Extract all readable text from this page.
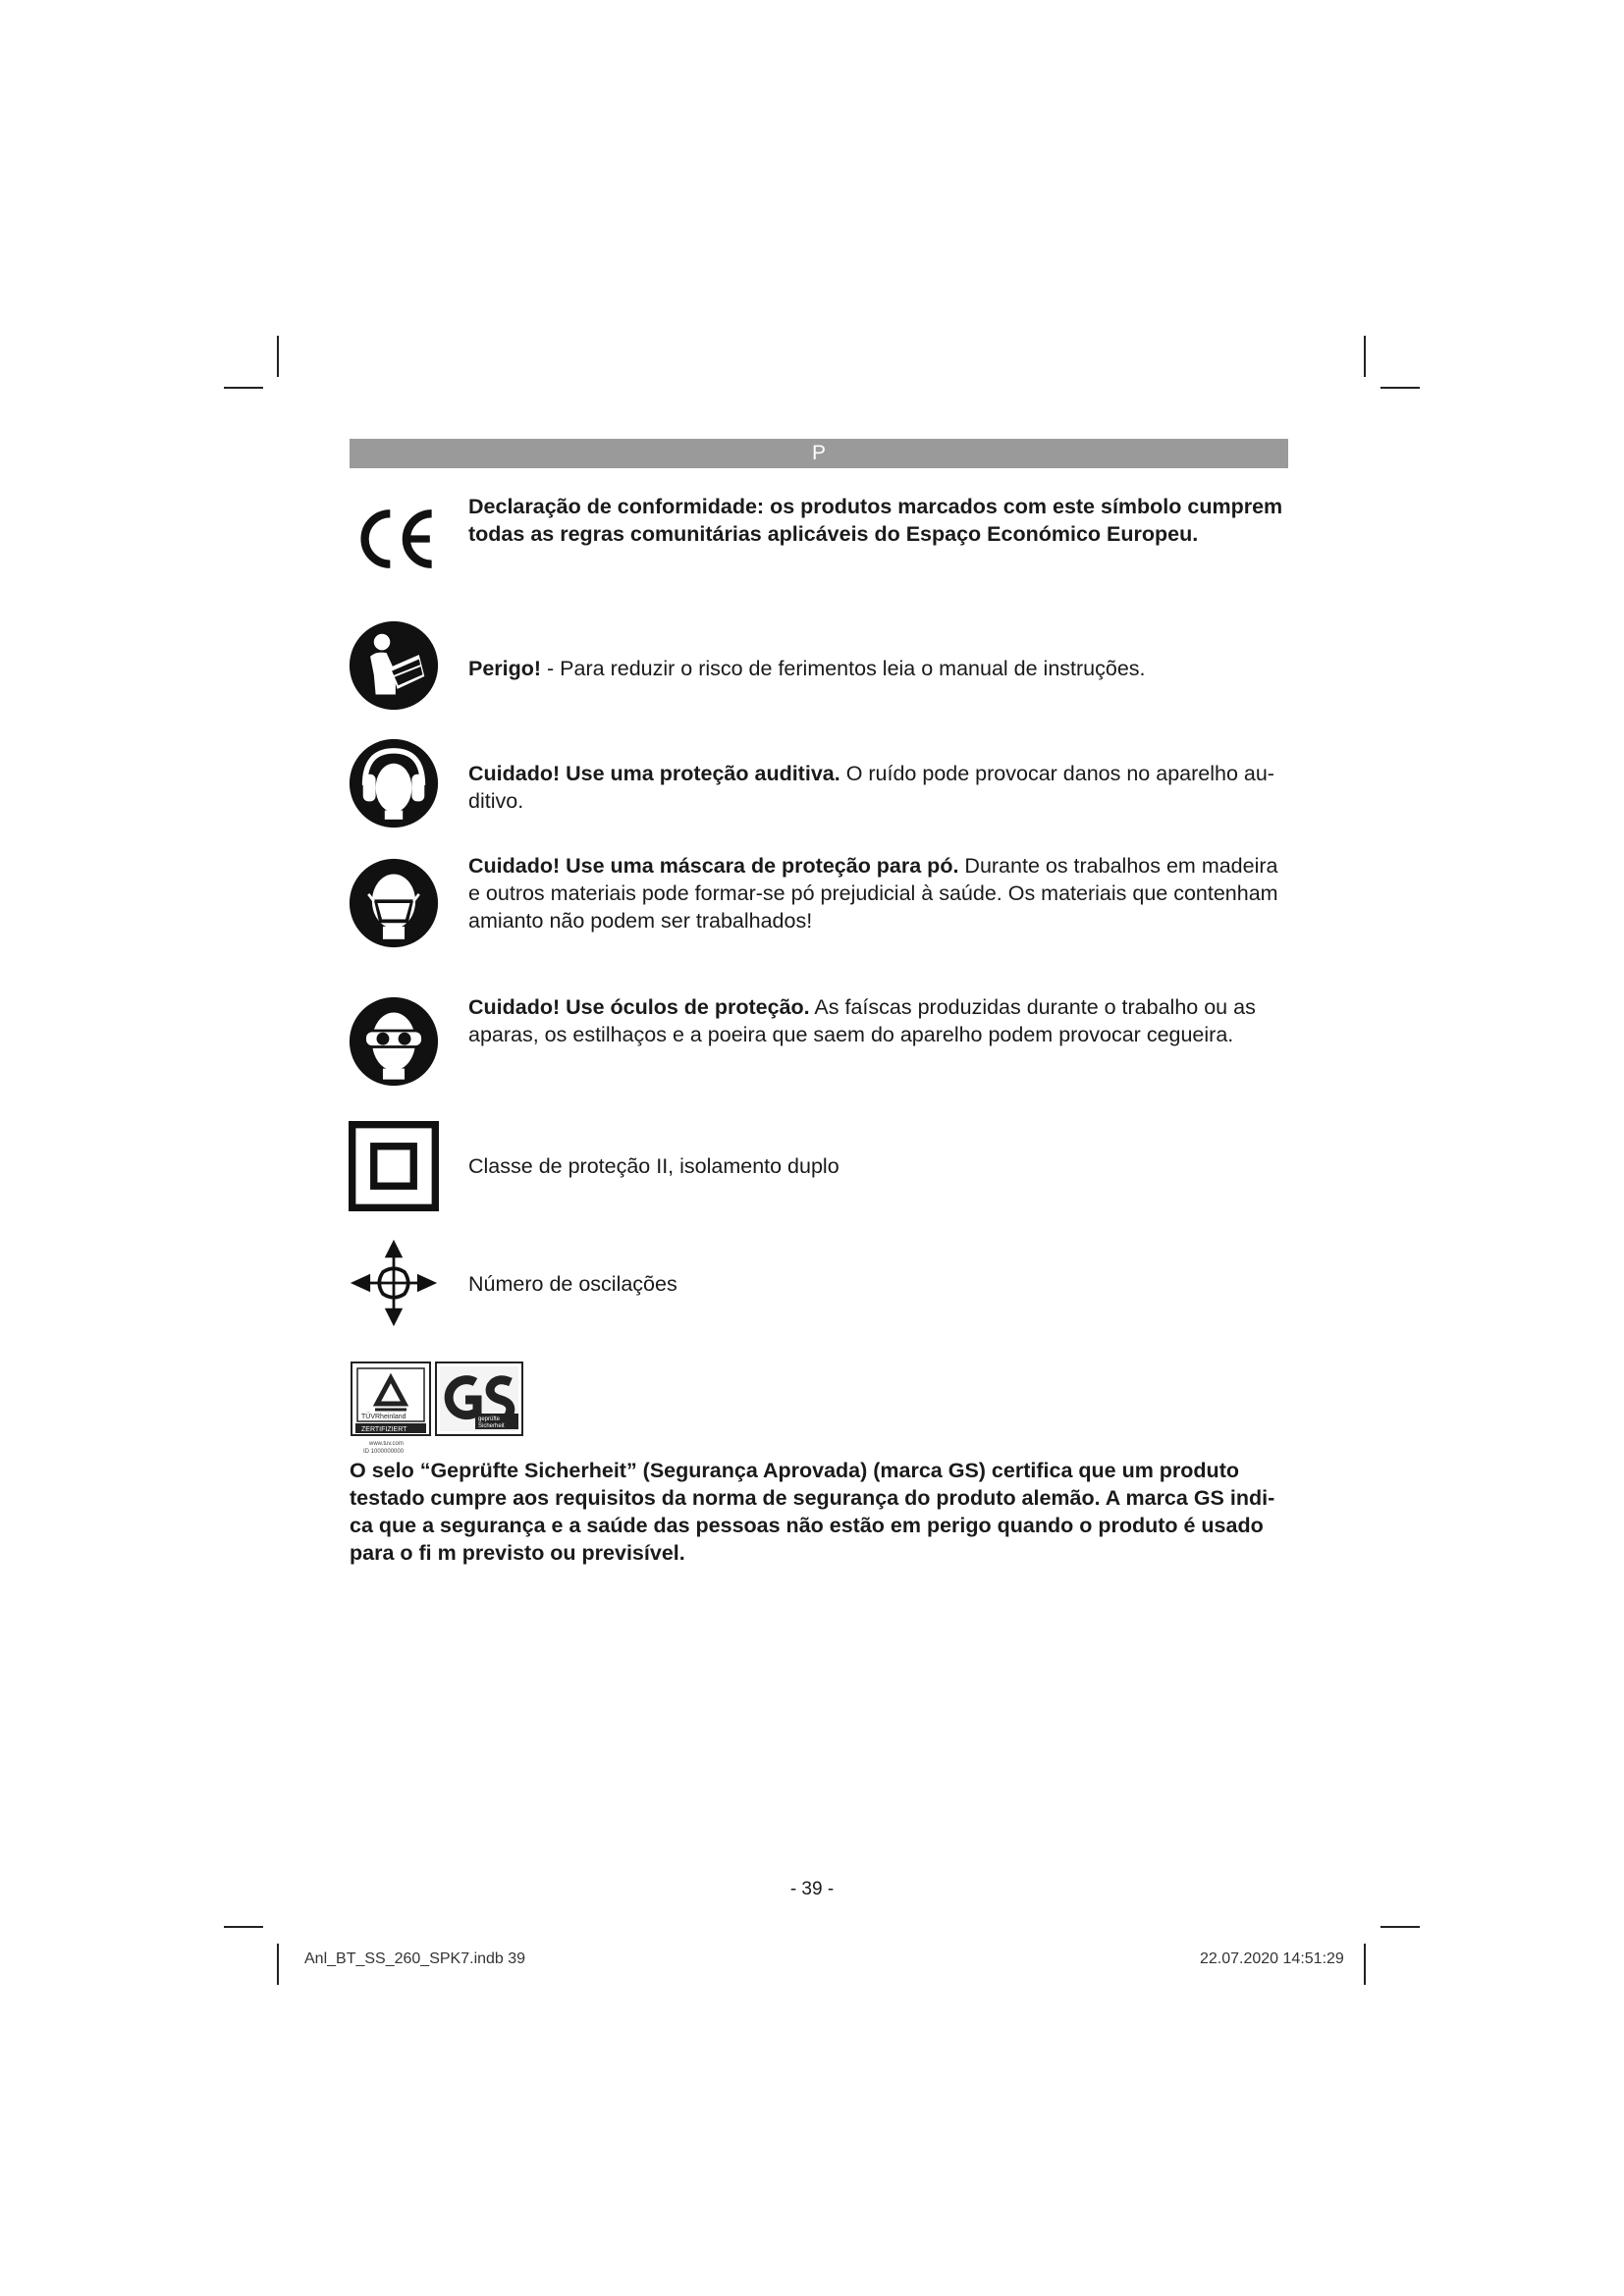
P
Declaração de conformidade: os produtos marcados com este símbolo cumprem todas as regras comunitárias aplicáveis do Espaço Económico Europeu.
Perigo! - Para reduzir o risco de ferimentos leia o manual de instruções.
Cuidado! Use uma proteção auditiva. O ruído pode provocar danos no aparelho au-ditivo.
Cuidado! Use uma máscara de proteção para pó. Durante os trabalhos em madeira e outros materiais pode formar-se pó prejudicial à saúde. Os materiais que contenham amianto não podem ser trabalhados!
Cuidado! Use óculos de proteção. As faíscas produzidas durante o trabalho ou as aparas, os estilhaços e a poeira que saem do aparelho podem provocar cegueira.
Classe de proteção II, isolamento duplo
Número de oscilações
TÜVRheinland
ZERTIFIZIERT
www.tuv.com
ID 1000000000
geprüfte
Sicherheit
O selo “Geprüfte Sicherheit” (Segurança Aprovada) (marca GS) certifica que um produto testado cumpre aos requisitos da norma de segurança do produto alemão. A marca GS indi-ca que a segurança e a saúde das pessoas não estão em perigo quando o produto é usado para o fi m previsto ou previsível.
- 39 -
Anl_BT_SS_260_SPK7.indb 39	22.07.2020 14:51:29
